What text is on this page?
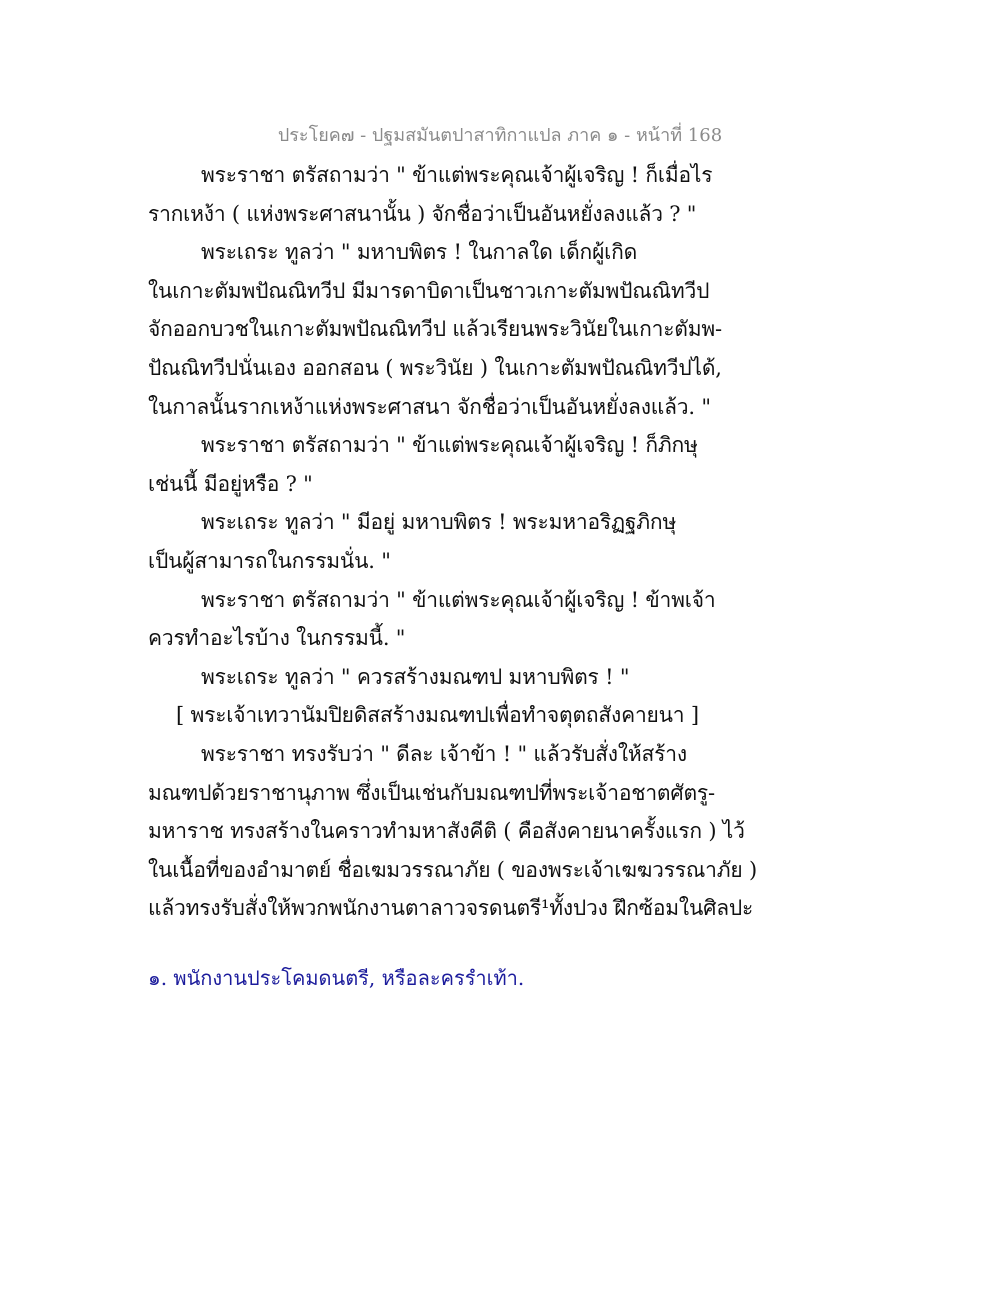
ประโยค๗ - ปฐมสมันตปาสาทิกาแปล ภาค ๑ - หน้าที่ 168
พระราชา ตรัสถามว่า " ข้าแต่พระคุณเจ้าผู้เจริญ ! ก็เมื่อไร
รากเหง้า ( แห่งพระศาสนานั้น ) จักชื่อว่าเป็นอันหยั่งลงแล้ว ? "
พระเถระ ทูลว่า " มหาบพิตร ! ในกาลใด เด็กผู้เกิด
ในเกาะตัมพปัณณิทวีป มีมารดาบิดาเป็นชาวเกาะตัมพปัณณิทวีป
จักออกบวชในเกาะตัมพปัณณิทวีป แล้วเรียนพระวินัยในเกาะตัมพ-
ปัณณิทวีปนั่นเอง ออกสอน ( พระวินัย ) ในเกาะตัมพปัณณิทวีปได้,
ในกาลนั้นรากเหง้าแห่งพระศาสนา จักชื่อว่าเป็นอันหยั่งลงแล้ว. "
พระราชา ตรัสถามว่า " ข้าแต่พระคุณเจ้าผู้เจริญ ! ก็ภิกษุ
เช่นนี้ มีอยู่หรือ ? "
พระเถระ ทูลว่า " มีอยู่ มหาบพิตร ! พระมหาอริฏฐภิกษุ
เป็นผู้สามารถในกรรมนั่น. "
พระราชา ตรัสถามว่า " ข้าแต่พระคุณเจ้าผู้เจริญ ! ข้าพเจ้า
ควรทำอะไรบ้าง ในกรรมนี้. "
พระเถระ ทูลว่า " ควรสร้างมณฑป มหาบพิตร ! "
[ พระเจ้าเทวานัมปิยดิสสร้างมณฑปเพื่อทำจตุตถสังคายนา ]
พระราชา ทรงรับว่า " ดีละ เจ้าข้า ! " แล้วรับสั่งให้สร้าง
มณฑปด้วยราชานุภาพ ซึ่งเป็นเช่นกับมณฑปที่พระเจ้าอชาตศัตรู-
มหาราช ทรงสร้างในคราวทำมหาสังคีติ ( คือสังคายนาครั้งแรก ) ไว้
ในเนื้อที่ของอำมาตย์ ชื่อเฆมวรรณาภัย ( ของพระเจ้าเฆฆวรรณาภัย )
แล้วทรงรับสั่งให้พวกพนักงานตาลาวจรดนตรี¹ทั้งปวง ฝึกซ้อมในศิลปะ
๑. พนักงานประโคมดนตรี, หรือละครรำเท้า.
